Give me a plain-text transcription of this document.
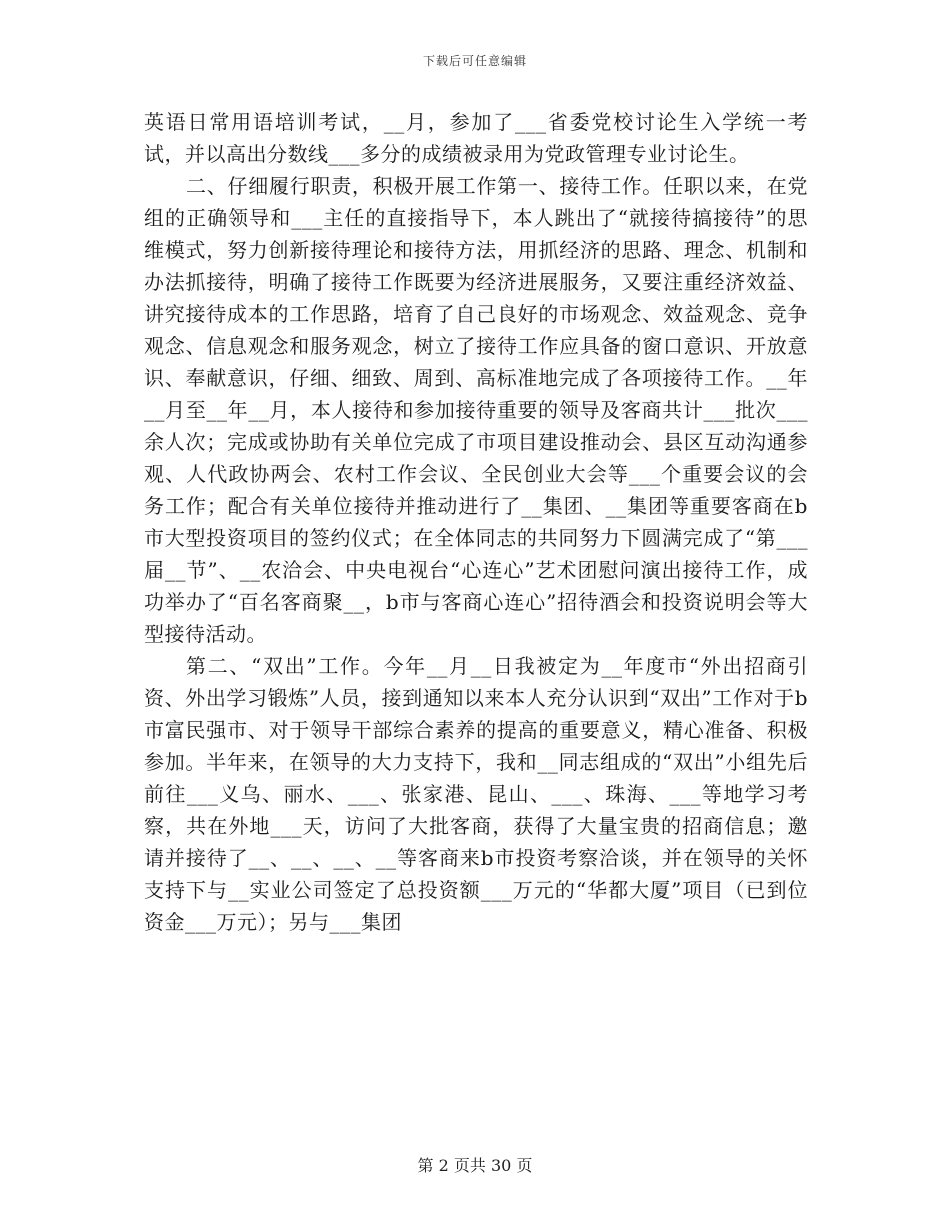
下载后可任意编辑

英语日常用语培训考试，__月，参加了___省委党校讨论生入学统一考试，并以高出分数线___多分的成绩被录用为党政管理专业讨论生。

二、仔细履行职责，积极开展工作第一、接待工作。任职以来，在党组的正确领导和___主任的直接指导下，本人跳出了“就接待搞接待”的思维模式，努力创新接待理论和接待方法，用抓经济的思路、理念、机制和办法抓接待，明确了接待工作既要为经济进展服务，又要注重经济效益、讲究接待成本的工作思路，培育了自己良好的市场观念、效益观念、竞争观念、信息观念和服务观念，树立了接待工作应具备的窗口意识、开放意识、奉献意识，仔细、细致、周到、高标准地完成了各项接待工作。__年__月至__年__月，本人接待和参加接待重要的领导及客商共计___批次___余人次；完成或协助有关单位完成了市项目建设推动会、县区互动沟通参观、人代政协两会、农村工作会议、全民创业大会等___个重要会议的会务工作；配合有关单位接待并推动进行了__集团、__集团等重要客商在b市大型投资项目的签约仪式；在全体同志的共同努力下圆满完成了“第___届__节”、__农洽会、中央电视台“心连心”艺术团慰问演出接待工作，成功举办了“百名客商聚__，b市与客商心连心”招待酒会和投资说明会等大型接待活动。

第二、“双出”工作。今年__月__日我被定为__年度市“外出招商引资、外出学习锻炼”人员，接到通知以来本人充分认识到“双出”工作对于b市富民强市、对于领导干部综合素养的提高的重要意义，精心准备、积极参加。半年来，在领导的大力支持下，我和__同志组成的“双出”小组先后前往___义乌、丽水、___、张家港、昆山、___、珠海、___等地学习考察，共在外地___天，访问了大批客商，获得了大量宝贵的招商信息；邀请并接待了__、__、__、__等客商来b市投资考察洽谈，并在领导的关怀支持下与__实业公司签定了总投资额___万元的“华都大厦”项目（已到位资金___万元）；另与___集团

第 2 页共 30 页
